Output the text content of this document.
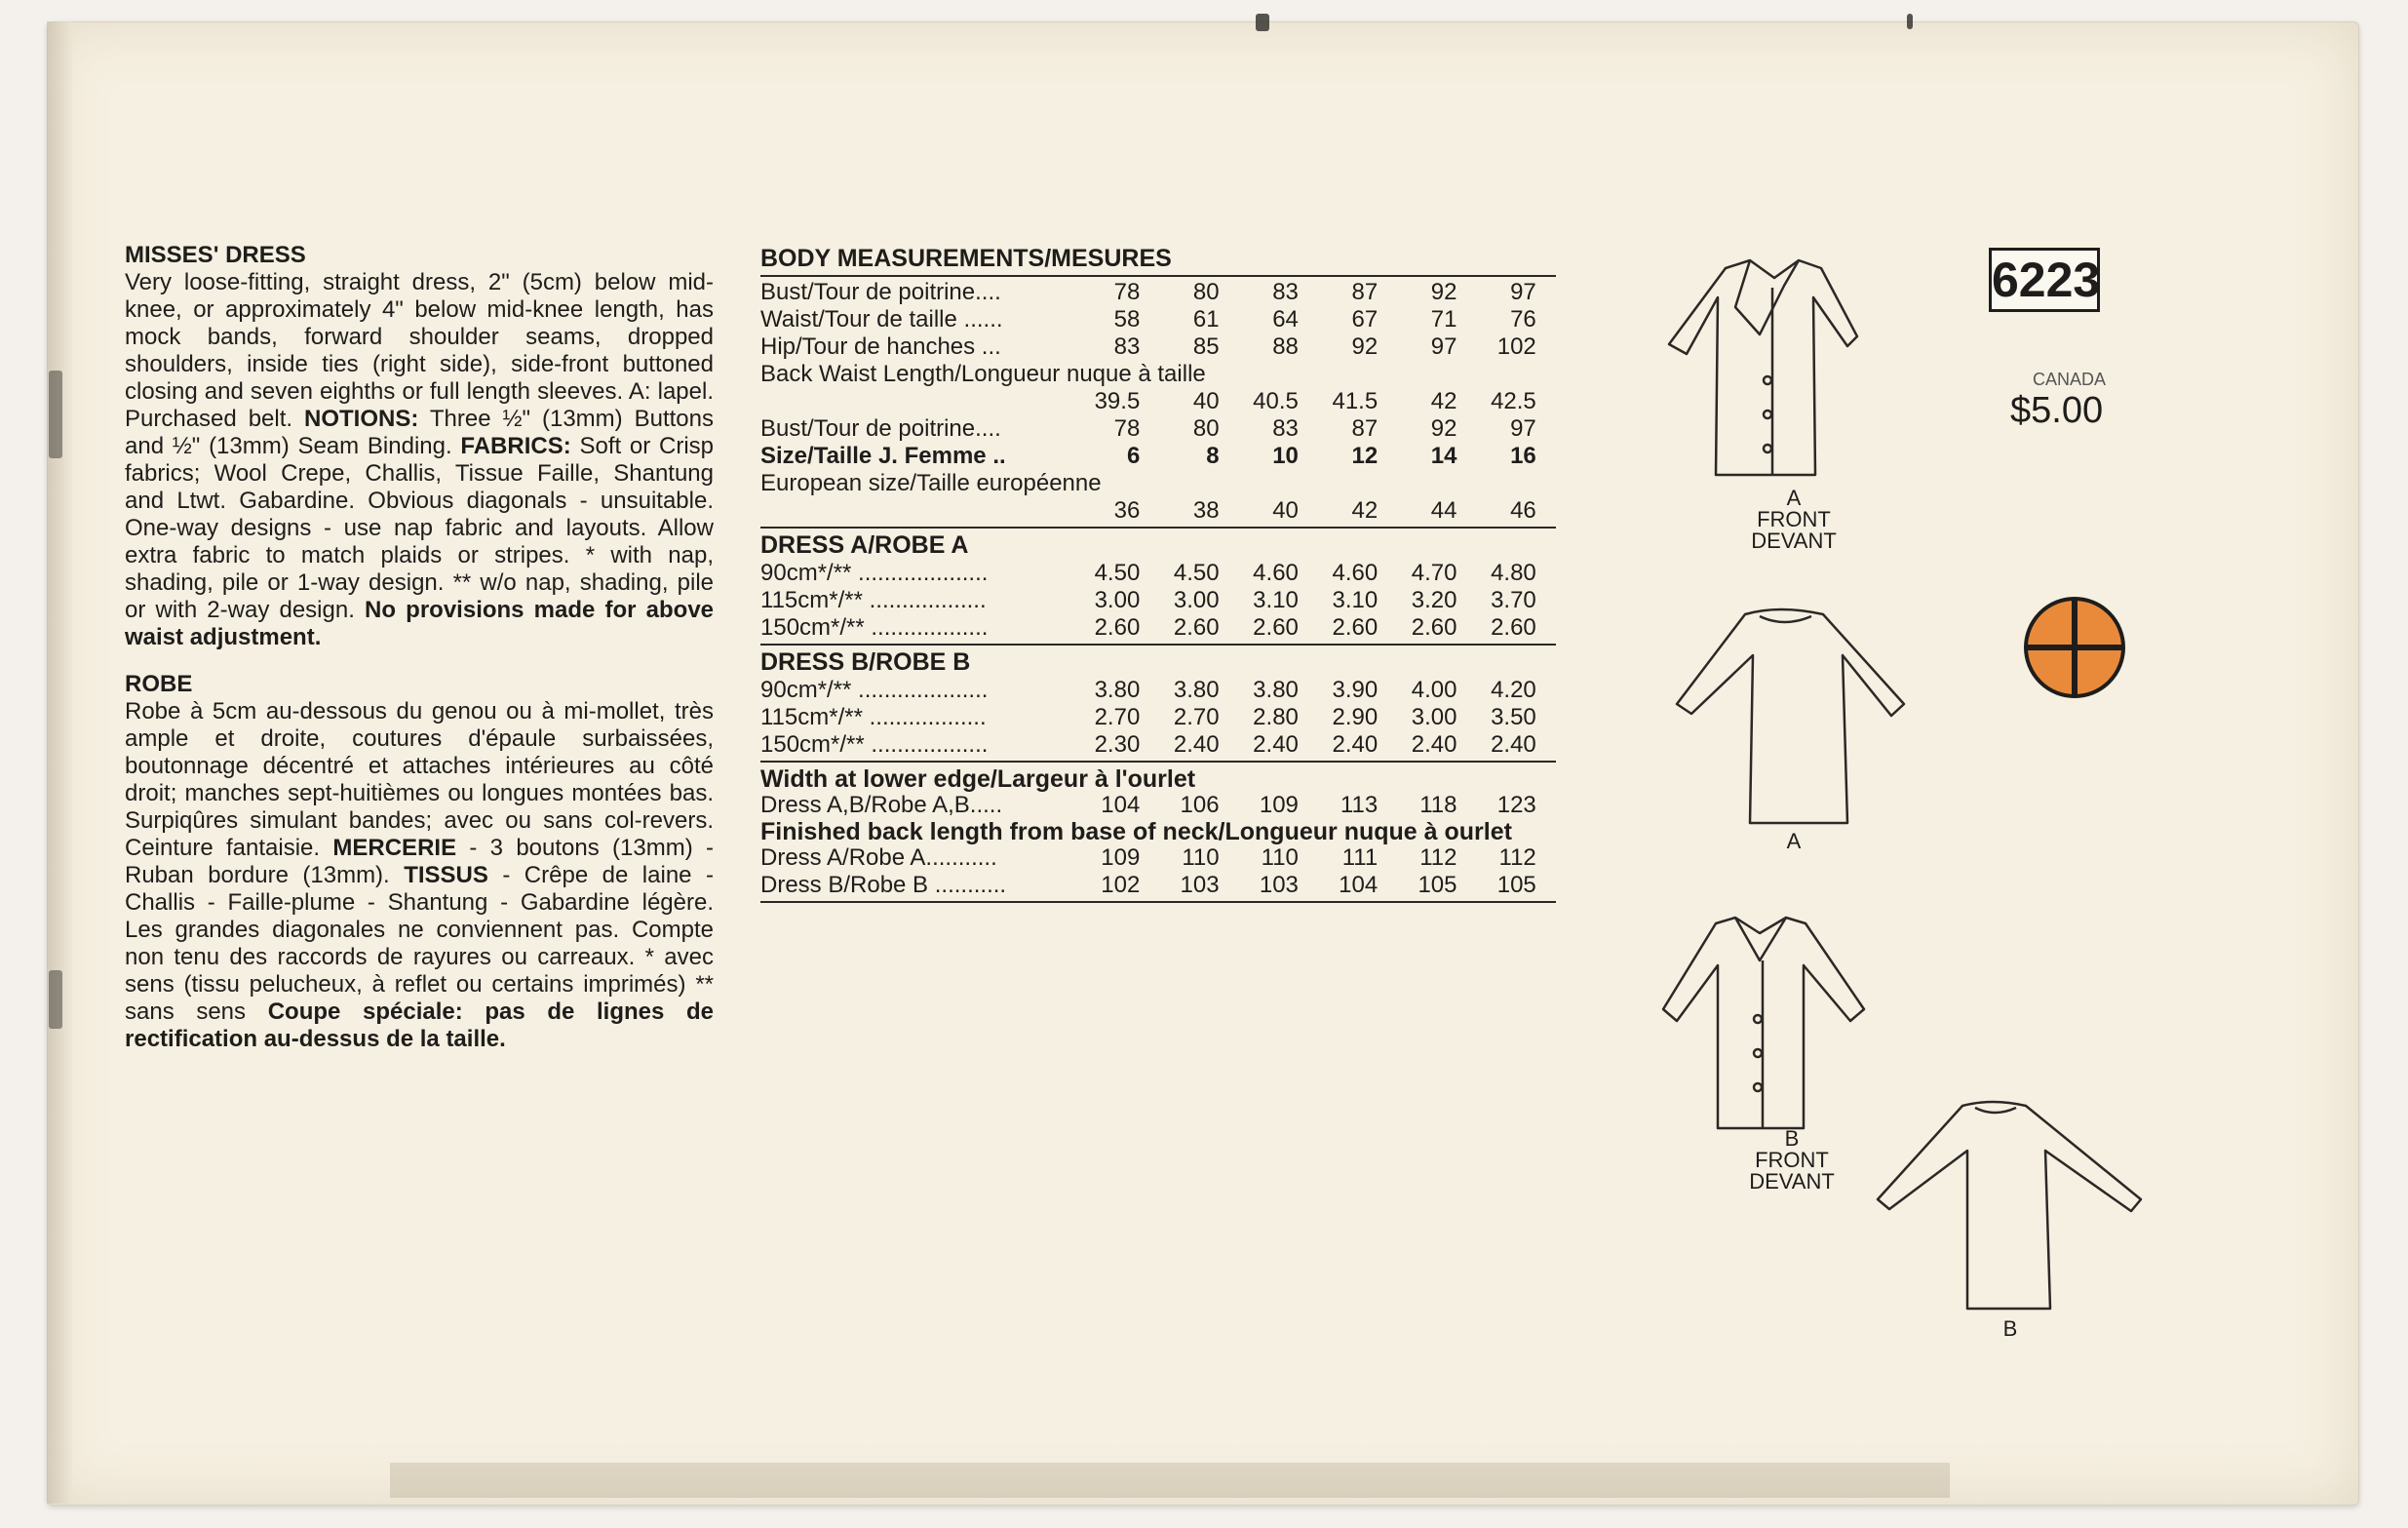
MISSES' DRESS

Very loose-fitting, straight dress, 2" (5cm) below mid-knee, or approximately 4" below mid-knee length, has mock bands, forward shoulder seams, dropped shoulders, inside ties (right side), side-front buttoned closing and seven eighths or full length sleeves. A: lapel. Purchased belt. NOTIONS: Three ½" (13mm) Buttons and ½" (13mm) Seam Binding. FABRICS: Soft or Crisp fabrics; Wool Crepe, Challis, Tissue Faille, Shantung and Ltwt. Gabardine. Obvious diagonals - unsuitable. One-way designs - use nap fabric and layouts. Allow extra fabric to match plaids or stripes. * with nap, shading, pile or 1-way design. ** w/o nap, shading, pile or with 2-way design. No provisions made for above waist adjustment.

ROBE

Robe à 5cm au-dessous du genou ou à mi-mollet, très ample et droite, coutures d'épaule surbaissées, boutonnage décentré et attaches intérieures au côté droit; manches sept-huitièmes ou longues montées bas. Surpiqûres simulant bandes; avec ou sans col-revers. Ceinture fantaisie. MERCERIE - 3 boutons (13mm) - Ruban bordure (13mm). TISSUS - Crêpe de laine - Challis - Faille-plume - Shantung - Gabardine légère. Les grandes diagonales ne conviennent pas. Compte non tenu des raccords de rayures ou carreaux. * avec sens (tissu pelucheux, à reflet ou certains imprimés) ** sans sens Coupe spéciale: pas de lignes de rectification au-dessus de la taille.

BODY MEASUREMENTS/MESURES
Bust/Tour de poitrine....	78	80	83	87	92	97
Waist/Tour de taille ......	58	61	64	67	71	76
Hip/Tour de hanches ...	83	85	88	92	97	102
Back Waist Length/Longueur nuque à taille
39.5	40	40.5	41.5	42	42.5
Bust/Tour de poitrine....	78	80	83	87	92	97
Size/Taille J. Femme ..	6	8	10	12	14	16
European size/Taille européenne
36	38	40	42	44	46
DRESS A/ROBE A
90cm*/** ....................	4.50	4.50	4.60	4.60	4.70	4.80
115cm*/** ..................	3.00	3.00	3.10	3.10	3.20	3.70
150cm*/** ..................	2.60	2.60	2.60	2.60	2.60	2.60
DRESS B/ROBE B
90cm*/** ....................	3.80	3.80	3.80	3.90	4.00	4.20
115cm*/** ..................	2.70	2.70	2.80	2.90	3.00	3.50
150cm*/** ..................	2.30	2.40	2.40	2.40	2.40	2.40
Width at lower edge/Largeur à l'ourlet
Dress A,B/Robe A,B.....	104	106	109	113	118	123
Finished back length from base of neck/Longueur nuque à ourlet
Dress A/Robe A...........	109	110	110	111	112	112
Dress B/Robe B ...........	102	103	103	104	105	105
A
FRONT
DEVANT
A
B
FRONT
DEVANT
B
6223
CANADA
$5.00
